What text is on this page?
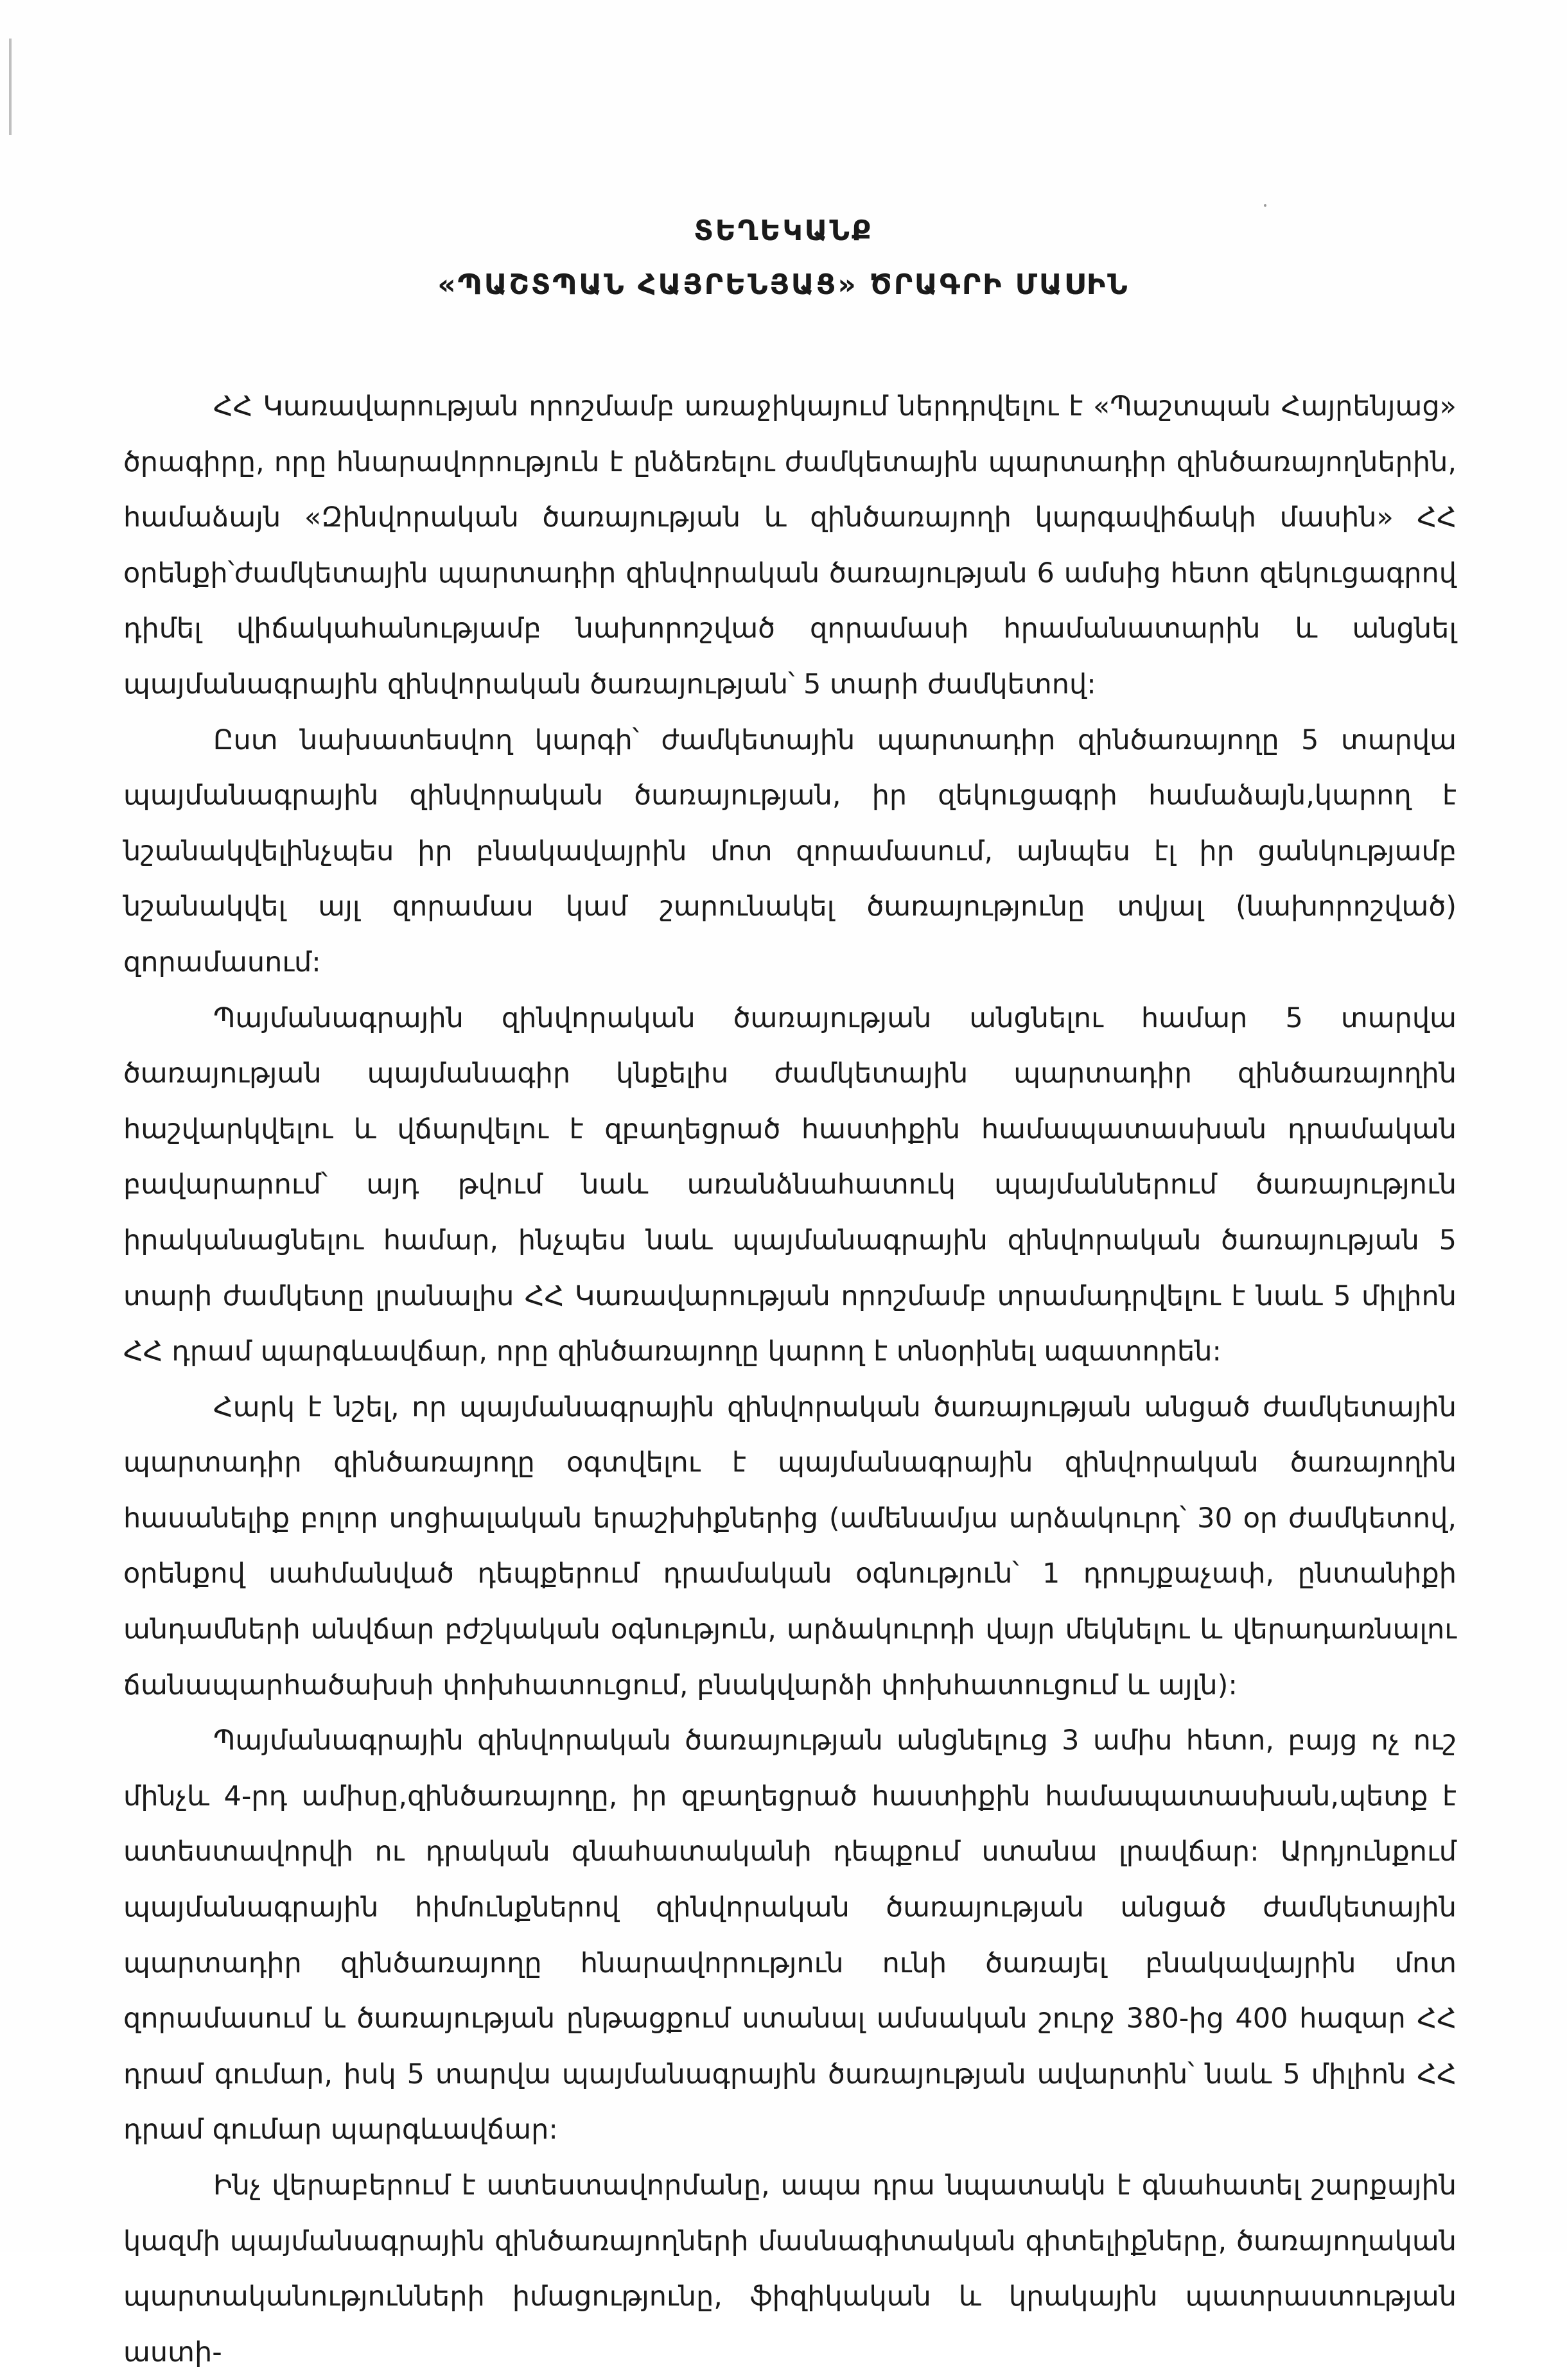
ՏԵՂԵԿԱՆՔ

«ՊԱՇՏՊԱՆ ՀԱՅՐԵՆՅԱՑ» ԾՐԱԳՐԻ ՄԱՍԻՆ

ՀՀ Կառավարության որոշմամբ առաջիկայում ներդրվելու է «Պաշտպան Հայրենյաց» ծրագիրը, որը հնարավորություն է ընձեռելու ժամկետային պարտադիր զինծառայողներին, համաձայն «Զինվորական ծառայության և զինծառայողի կարգավիճակի մասին» ՀՀ օրենքի՝ժամկետային պարտադիր զինվորական ծառայության 6 ամսից հետո զեկուցագրով դիմել վիճակահանությամբ նախորոշված զորամասի հրամանատարին և անցնել պայմանագրային զինվորական ծառայության՝ 5 տարի ժամկետով:

Ըստ նախատեսվող կարգի՝ ժամկետային պարտադիր զինծառայողը 5 տարվա պայմանագրային զինվորական ծառայության, իր զեկուցագրի համաձայն,կարող է նշանակվելինչպես իր բնակավայրին մոտ զորամասում, այնպես էլ իր ցանկությամբ նշանակվել այլ զորամաս կամ շարունակել ծառայությունը տվյալ (նախորոշված) զորամասում:

Պայմանագրային զինվորական ծառայության անցնելու համար 5 տարվա ծառայության պայմանագիր կնքելիս ժամկետային պարտադիր զինծառայողին հաշվարկվելու և վճարվելու է զբաղեցրած հաստիքին համապատասխան դրամական բավարարում՝ այդ թվում նաև առանձնահատուկ պայմաններում ծառայություն իրականացնելու համար, ինչպես նաև պայմանագրային զինվորական ծառայության 5 տարի ժամկետը լրանալիս ՀՀ Կառավարության որոշմամբ տրամադրվելու է նաև 5 միլիոն ՀՀ դրամ պարգևավճար, որը զինծառայողը կարող է տնօրինել ազատորեն:

Հարկ է նշել, որ պայմանագրային զինվորական ծառայության անցած ժամկետային պարտադիր զինծառայողը օգտվելու է պայմանագրային զինվորական ծառայողին հասանելիք բոլոր սոցիալական երաշխիքներից (ամենամյա արձակուրդ՝ 30 օր ժամկետով, օրենքով սահմանված դեպքերում դրամական օգնություն՝ 1 դրույքաչափ, ընտանիքի անդամների անվճար բժշկական օգնություն, արձակուրդի վայր մեկնելու և վերադառնալու ճանապարհածախսի փոխհատուցում, բնակվարձի փոխհատուցում և այլն):

Պայմանագրային զինվորական ծառայության անցնելուց 3 ամիս հետո, բայց ոչ ուշ մինչև 4-րդ ամիսը,զինծառայողը, իր զբաղեցրած հաստիքին համապատասխան,պետք է ատեստավորվի ու դրական գնահատականի դեպքում ստանա լրավճար: Արդյունքում պայմանագրային հիմունքներով զինվորական ծառայության անցած ժամկետային պարտադիր զինծառայողը հնարավորություն ունի ծառայել բնակավայրին մոտ զորամասում և ծառայության ընթացքում ստանալ ամսական շուրջ 380-ից 400 հազար ՀՀ դրամ գումար, իսկ 5 տարվա պայմանագրային ծառայության ավարտին՝ նաև 5 միլիոն ՀՀ դրամ գումար պարգևավճար:

Ինչ վերաբերում է ատեստավորմանը, ապա դրա նպատակն է գնահատել շարքային կազմի պայմանագրային զինծառայողների մասնագիտական գիտելիքները, ծառայողական պարտականությունների իմացությունը, ֆիզիկական և կրակային պատրաստության աստի-
